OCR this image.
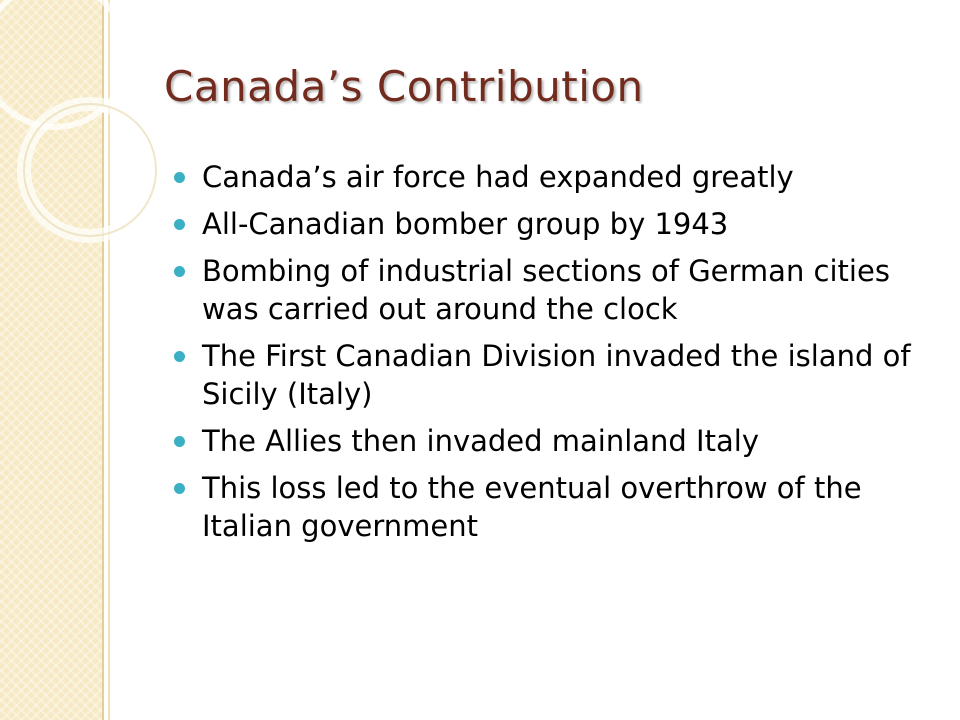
Canada’s Contribution
Canada’s air force had expanded greatly
All-Canadian bomber group by 1943
Bombing of industrial sections of German cities was carried out around the clock
The First Canadian Division invaded the island of Sicily (Italy)
The Allies then invaded mainland Italy
This loss led to the eventual overthrow of the Italian government
